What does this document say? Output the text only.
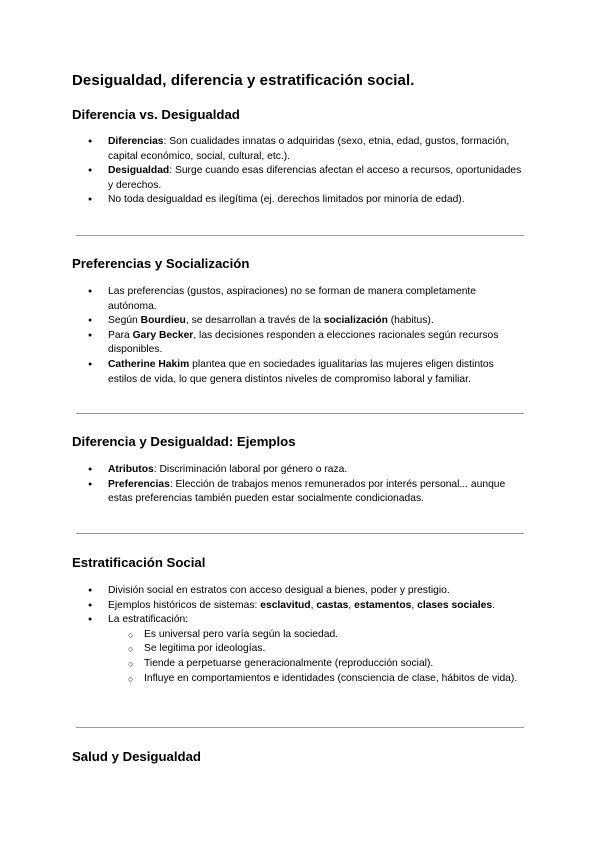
Desigualdad, diferencia y estratificación social.
Diferencia vs. Desigualdad
● Diferencias: Son cualidades innatas o adquiridas (sexo, etnia, edad, gustos, formación, capital económico, social, cultural, etc.).
● Desigualdad: Surge cuando esas diferencias afectan el acceso a recursos, oportunidades y derechos.
● No toda desigualdad es ilegítima (ej. derechos limitados por minoría de edad).
Preferencias y Socialización
● Las preferencias (gustos, aspiraciones) no se forman de manera completamente autónoma.
● Según Bourdieu, se desarrollan a través de la socialización (habitus).
● Para Gary Becker, las decisiones responden a elecciones racionales según recursos disponibles.
● Catherine Hakim plantea que en sociedades igualitarias las mujeres eligen distintos estilos de vida, lo que genera distintos niveles de compromiso laboral y familiar.
Diferencia y Desigualdad: Ejemplos
● Atributos: Discriminación laboral por género o raza.
● Preferencias: Elección de trabajos menos remunerados por interés personal... aunque estas preferencias también pueden estar socialmente condicionadas.
Estratificación Social
● División social en estratos con acceso desigual a bienes, poder y prestigio.
● Ejemplos históricos de sistemas: esclavitud, castas, estamentos, clases sociales.
● La estratificación:
○ Es universal pero varía según la sociedad.
○ Se legitima por ideologías.
○ Tiende a perpetuarse generacionalmente (reproducción social).
○ Influye en comportamientos e identidades (consciencia de clase, hábitos de vida).
Salud y Desigualdad
